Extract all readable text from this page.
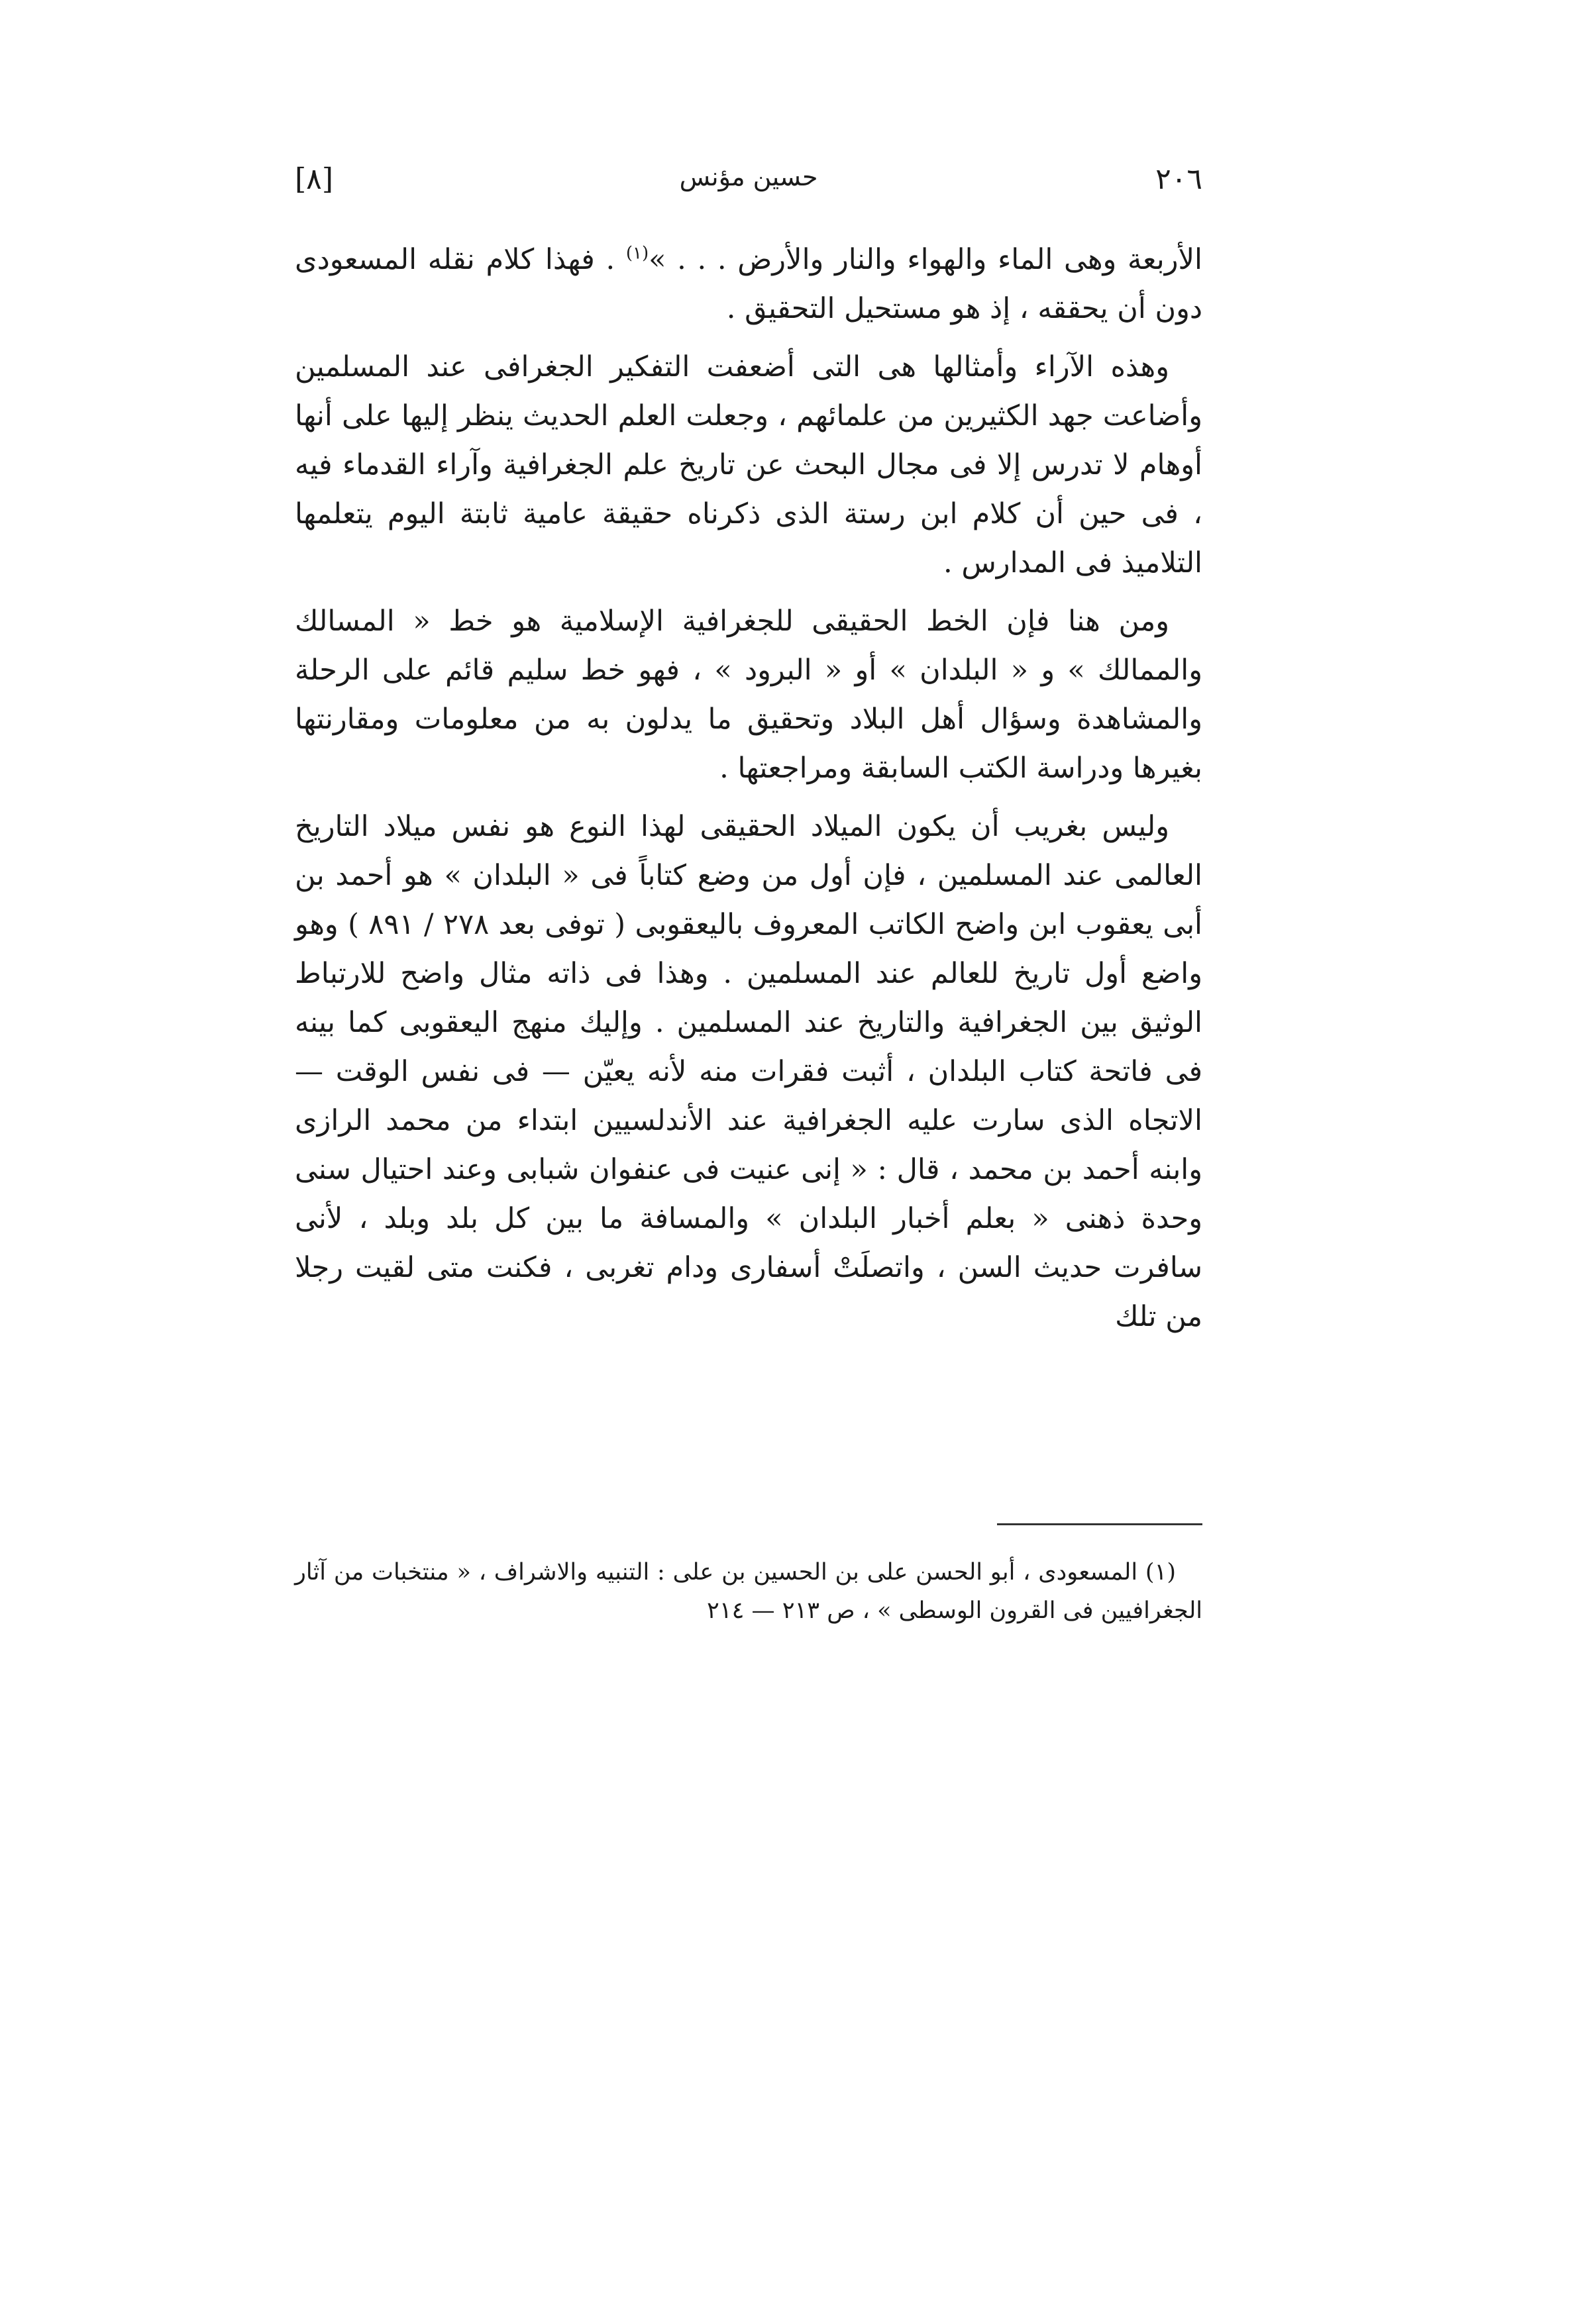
٢٠٦
حسين مؤنس
[٨]

الأربعة وهى الماء والهواء والنار والأرض . . . »$^{(١)}$ . فهذا كلام نقله المسعودى دون أن يحققه ، إذ هو مستحيل التحقيق .

وهذه الآراء وأمثالها هى التى أضعفت التفكير الجغرافى عند المسلمين وأضاعت جهد الكثيرين من علمائهم ، وجعلت العلم الحديث ينظر إليها على أنها أوهام لا تدرس إلا فى مجال البحث عن تاريخ علم الجغرافية وآراء القدماء فيه ، فى حين أن كلام ابن رستة الذى ذكرناه حقيقة عامية ثابتة اليوم يتعلمها التلاميذ فى المدارس .

ومن هنا فإن الخط الحقيقى للجغرافية الإسلامية هو خط « المسالك والممالك » و « البلدان » أو « البرود » ، فهو خط سليم قائم على الرحلة والمشاهدة وسؤال أهل البلاد وتحقيق ما يدلون به من معلومات ومقارنتها بغيرها ودراسة الكتب السابقة ومراجعتها .

وليس بغريب أن يكون الميلاد الحقيقى لهذا النوع هو نفس ميلاد التاريخ العالمى عند المسلمين ، فإن أول من وضع كتاباً فى « البلدان » هو أحمد بن أبى يعقوب ابن واضح الكاتب المعروف باليعقوبى ( توفى بعد ٢٧٨ / ٨٩١ ) وهو واضع أول تاريخ للعالم عند المسلمين . وهذا فى ذاته مثال واضح للارتباط الوثيق بين الجغرافية والتاريخ عند المسلمين . وإليك منهج اليعقوبى كما بينه فى فاتحة كتاب البلدان ، أثبت فقرات منه لأنه يعيّن — فى نفس الوقت — الاتجاه الذى سارت عليه الجغرافية عند الأندلسيين ابتداء من محمد الرازى وابنه أحمد بن محمد ، قال : « إنى عنيت فى عنفوان شبابى وعند احتيال سنى وحدة ذهنى « بعلم أخبار البلدان » والمسافة ما بين كل بلد وبلد ، لأنى سافرت حديث السن ، واتصلَتْ أسفارى ودام تغربى ، فكنت متى لقيت رجلا من تلك

(١) المسعودى ، أبو الحسن على بن الحسين بن على : التنبيه والاشراف ، « منتخبات من آثار الجغرافيين فى القرون الوسطى » ، ص ٢١٣ — ٢١٤
